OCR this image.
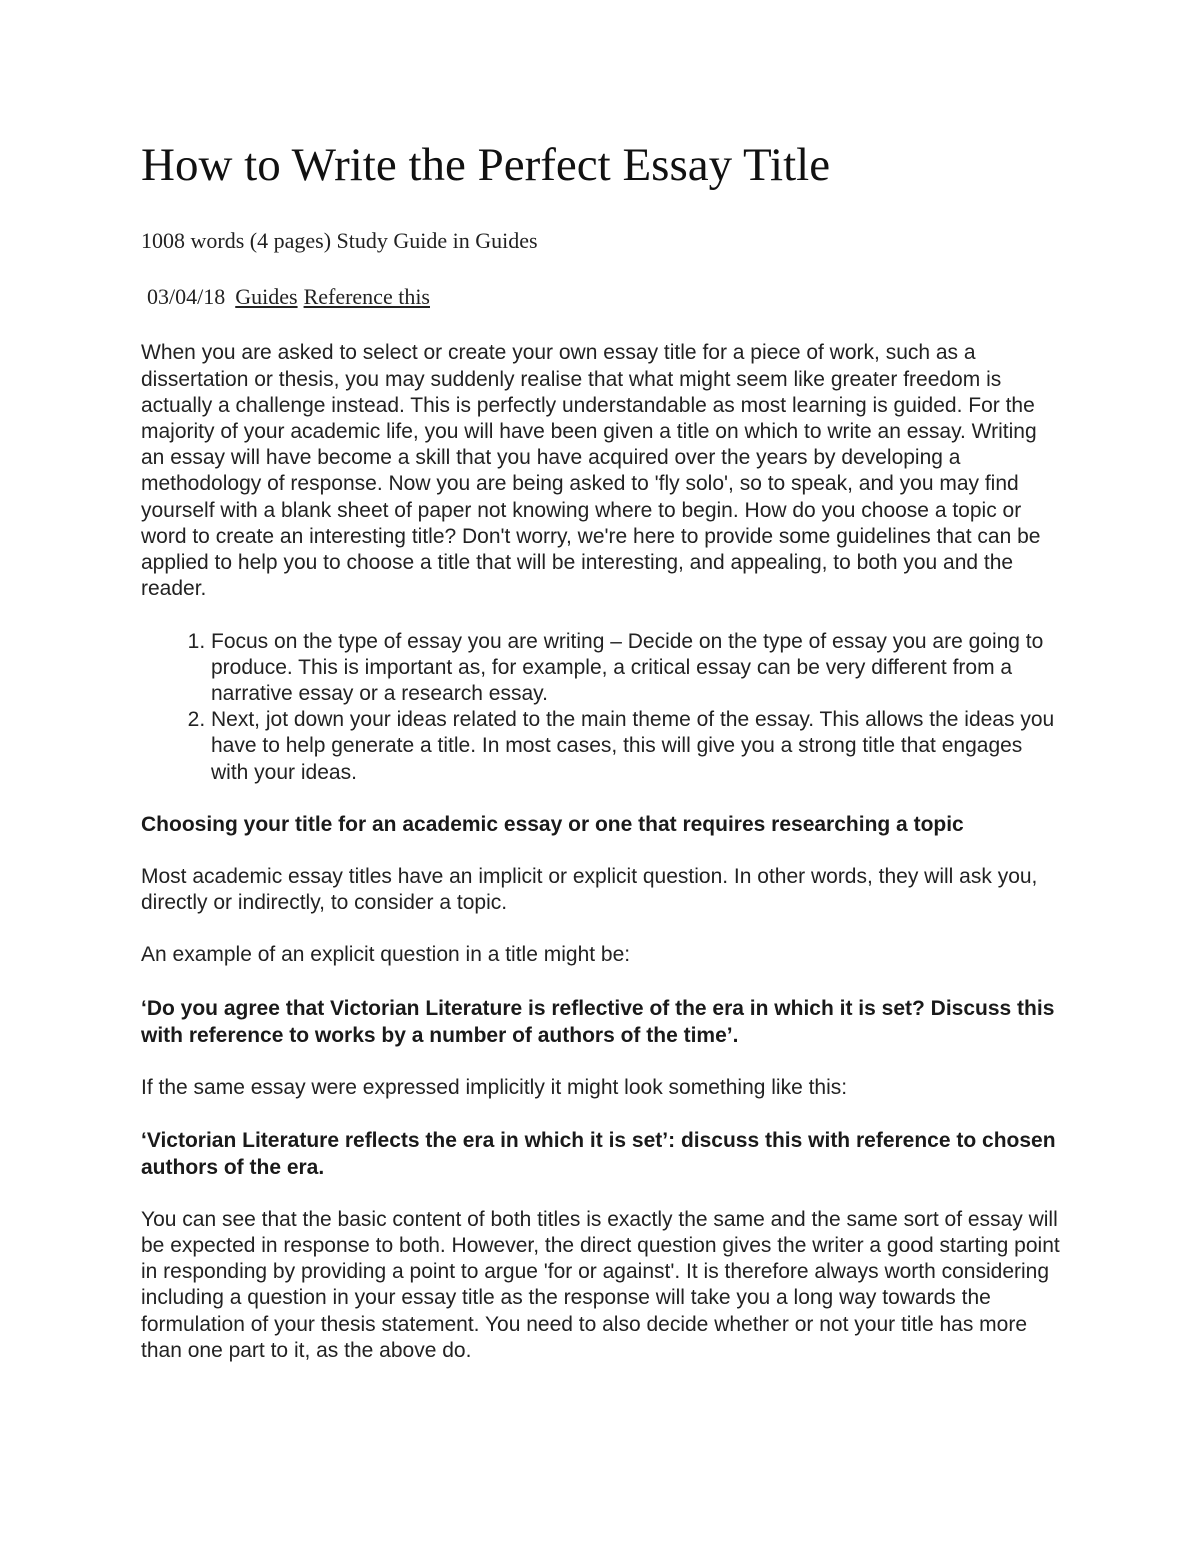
How to Write the Perfect Essay Title

1008 words (4 pages) Study Guide in Guides

03/04/18 Guides Reference this

When you are asked to select or create your own essay title for a piece of work, such as a dissertation or thesis, you may suddenly realise that what might seem like greater freedom is actually a challenge instead. This is perfectly understandable as most learning is guided. For the majority of your academic life, you will have been given a title on which to write an essay. Writing an essay will have become a skill that you have acquired over the years by developing a methodology of response. Now you are being asked to 'fly solo', so to speak, and you may find yourself with a blank sheet of paper not knowing where to begin. How do you choose a topic or word to create an interesting title? Don't worry, we're here to provide some guidelines that can be applied to help you to choose a title that will be interesting, and appealing, to both you and the reader.

1. Focus on the type of essay you are writing – Decide on the type of essay you are going to produce. This is important as, for example, a critical essay can be very different from a narrative essay or a research essay.
2. Next, jot down your ideas related to the main theme of the essay. This allows the ideas you have to help generate a title. In most cases, this will give you a strong title that engages with your ideas.

Choosing your title for an academic essay or one that requires researching a topic

Most academic essay titles have an implicit or explicit question. In other words, they will ask you, directly or indirectly, to consider a topic.

An example of an explicit question in a title might be:

‘Do you agree that Victorian Literature is reflective of the era in which it is set? Discuss this with reference to works by a number of authors of the time’.

If the same essay were expressed implicitly it might look something like this:

‘Victorian Literature reflects the era in which it is set’: discuss this with reference to chosen authors of the era.

You can see that the basic content of both titles is exactly the same and the same sort of essay will be expected in response to both. However, the direct question gives the writer a good starting point in responding by providing a point to argue 'for or against'. It is therefore always worth considering including a question in your essay title as the response will take you a long way towards the formulation of your thesis statement. You need to also decide whether or not your title has more than one part to it, as the above do.
